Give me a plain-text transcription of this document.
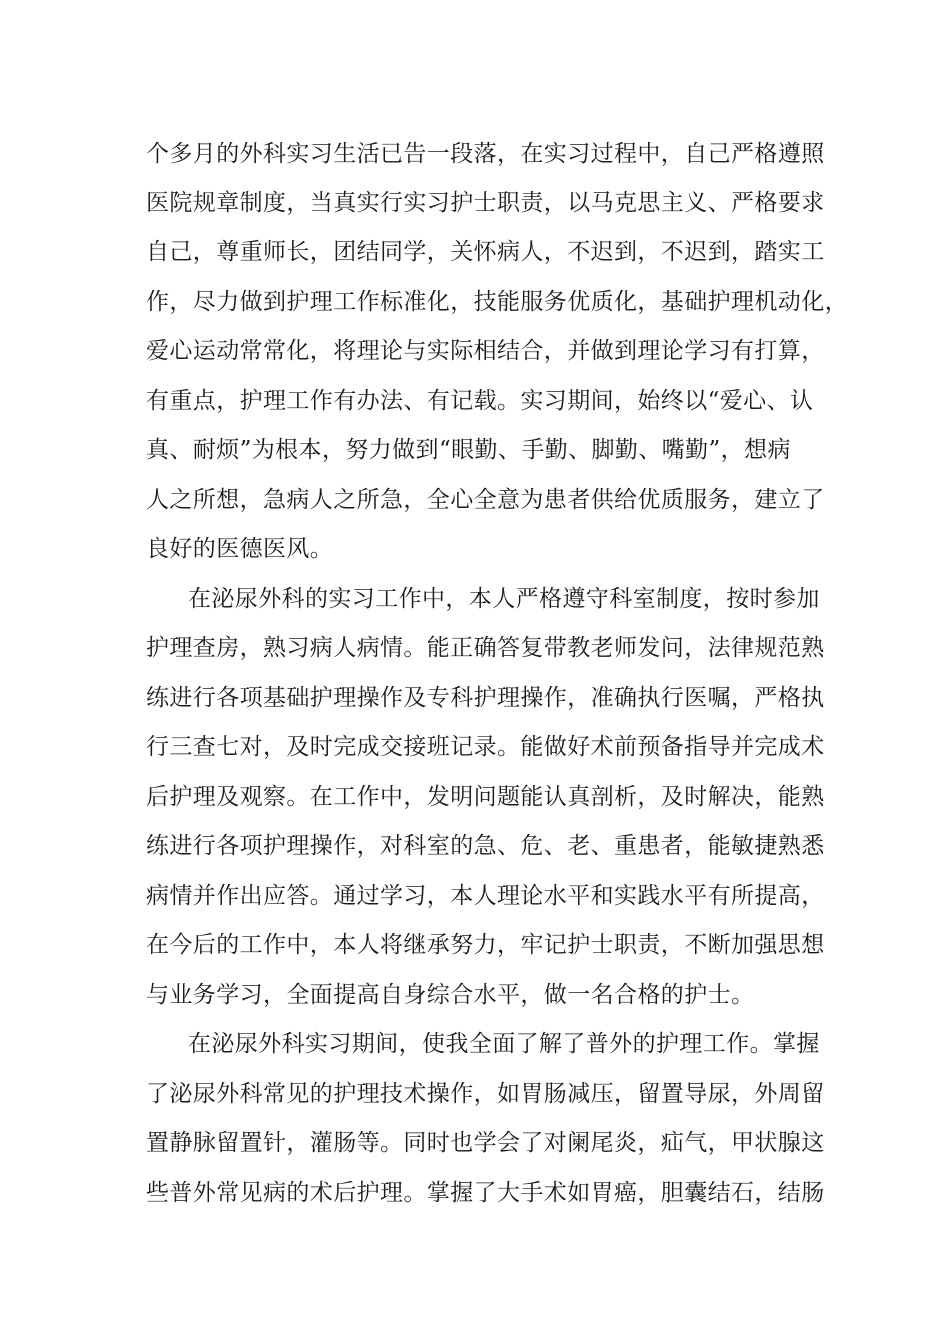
个多月的外科实习生活已告一段落，在实习过程中，自己严格遵照
医院规章制度，当真实行实习护士职责，以马克思主义、严格要求
自己，尊重师长，团结同学，关怀病人，不迟到，不迟到，踏实工
作，尽力做到护理工作标准化，技能服务优质化，基础护理机动化，
爱心运动常常化，将理论与实际相结合，并做到理论学习有打算，
有重点，护理工作有办法、有记载。实习期间，始终以“爱心、认
真、耐烦”为根本，努力做到“眼勤、手勤、脚勤、嘴勤”，想病
人之所想，急病人之所急，全心全意为患者供给优质服务，建立了
良好的医德医风。
在泌尿外科的实习工作中，本人严格遵守科室制度，按时参加
护理查房，熟习病人病情。能正确答复带教老师发问，法律规范熟
练进行各项基础护理操作及专科护理操作，准确执行医嘱，严格执
行三查七对，及时完成交接班记录。能做好术前预备指导并完成术
后护理及观察。在工作中，发明问题能认真剖析，及时解决，能熟
练进行各项护理操作，对科室的急、危、老、重患者，能敏捷熟悉
病情并作出应答。通过学习，本人理论水平和实践水平有所提高，
在今后的工作中，本人将继承努力，牢记护士职责，不断加强思想
与业务学习，全面提高自身综合水平，做一名合格的护士。
在泌尿外科实习期间，使我全面了解了普外的护理工作。掌握
了泌尿外科常见的护理技术操作，如胃肠减压，留置导尿，外周留
置静脉留置针，灌肠等。同时也学会了对阑尾炎，疝气，甲状腺这
些普外常见病的术后护理。掌握了大手术如胃癌，胆囊结石，结肠
